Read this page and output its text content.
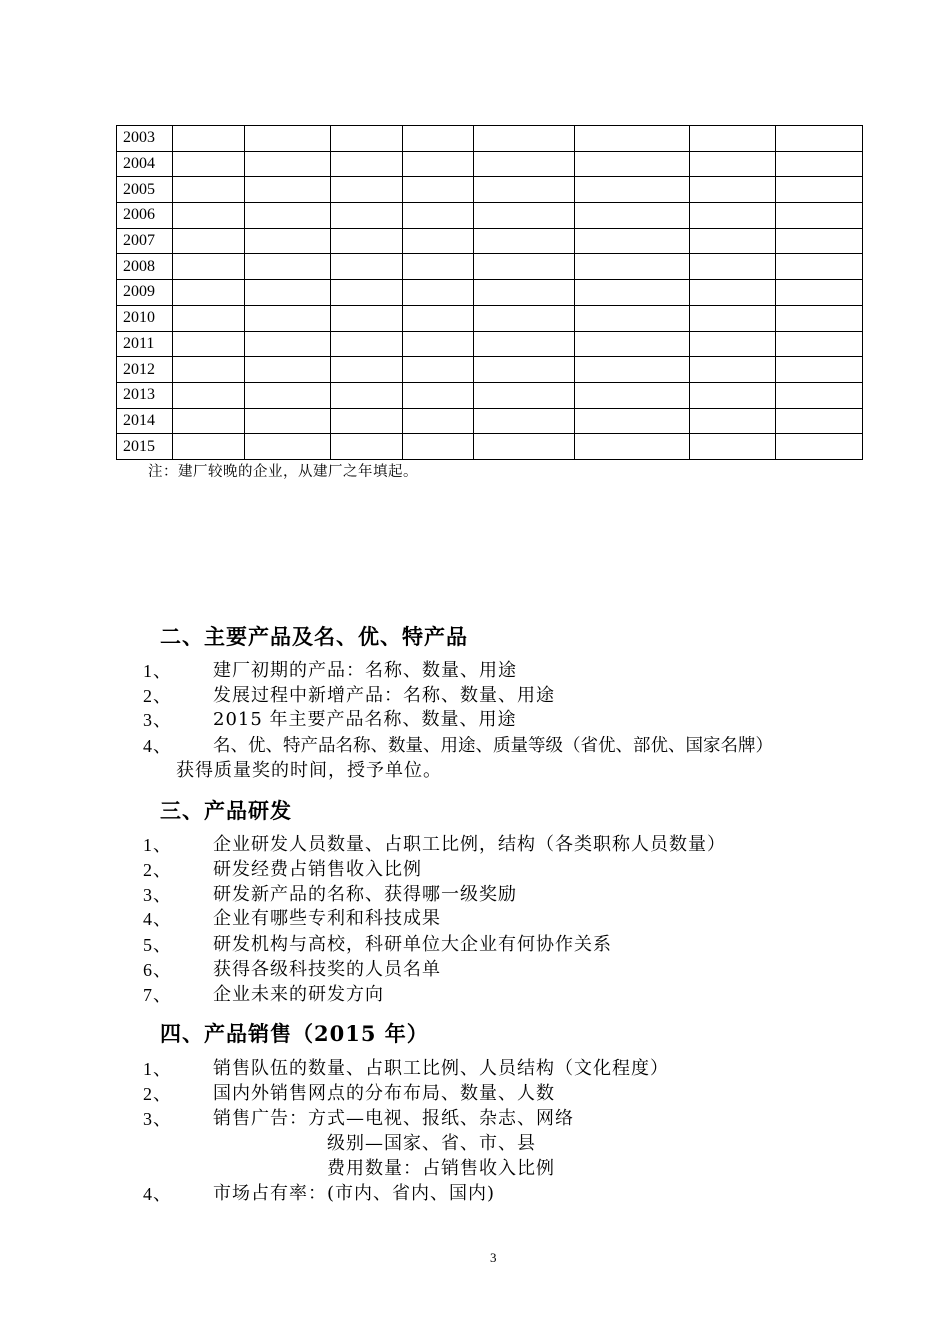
2003								
2004								
2005								
2006								
2007								
2008								
2009								
2010								
2011								
2012								
2013								
2014								
2015								
注：建厂较晚的企业，从建厂之年填起。
二、主要产品及名、优、特产品
1、 建厂初期的产品：名称、数量、用途
2、 发展过程中新增产品：名称、数量、用途
3、 2015 年主要产品名称、数量、用途
4、 名、优、特产品名称、数量、用途、质量等级（省优、部优、国家名牌）
获得质量奖的时间，授予单位。
三、产品研发
1、 企业研发人员数量、占职工比例，结构（各类职称人员数量）
2、 研发经费占销售收入比例
3、 研发新产品的名称、获得哪一级奖励
4、 企业有哪些专利和科技成果
5、 研发机构与高校，科研单位大企业有何协作关系
6、 获得各级科技奖的人员名单
7、 企业未来的研发方向
四、产品销售（2015 年）
1、 销售队伍的数量、占职工比例、人员结构（文化程度）
2、 国内外销售网点的分布布局、数量、人数
3、 销售广告：方式—电视、报纸、杂志、网络
级别—国家、省、市、县
费用数量：占销售收入比例
4、 市场占有率：(市内、省内、国内)
3
